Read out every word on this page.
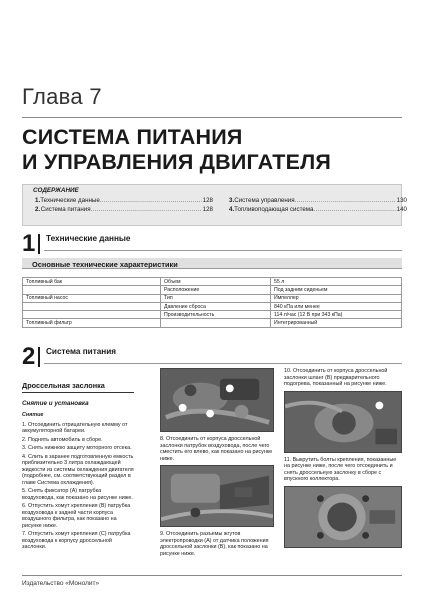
Глава 7
СИСТЕМА ПИТАНИЯ
И УПРАВЛЕНИЯ ДВИГАТЕЛЯ
СОДЕРЖАНИЕ
1. Технические данные .....	128
2. Система питания .....	128
3. Система управления .....	130
4. Топливоподающая система .....	140
1 Технические данные
Основные технические характеристики
Топливный бак	Объем	55 л
	Расположение	Под задним сиденьем
Топливный насос	Тип	Импеллер
	Давление сброса	840 кПа или менее
	Производительность	114 л/час (12 В при 343 кПа)
Топливный фильтр		Интегрированный
2 Система питания
Дроссельная заслонка
Снятие и установка
Снятие
1. Отсоединить отрицательную клемму от аккумуляторной батареи.
2. Поднять автомобиль в сборе.
3. Снять нижнюю защиту моторного отсека.
4. Слить в заранее подготовленную емкость приблизительно 3 литра охлаждающей жидкости из системы охлаждения двигателя (подробнее, см. соответствующий раздел в главе Система охлаждения).
5. Снять фиксатор (А) патрубка воздуховода, как показано на рисунке ниже.
6. Отпустить хомут крепления (В) патрубка воздуховода к задней части корпуса воздушного фильтра, как показано на рисунке ниже.
7. Отпустить хомут крепления (С) патрубка воздуховода к корпусу дроссельной заслонки.
8. Отсоединить от корпуса дроссельной заслонки патрубок воздуховода, после чего сместить его влево, как показано на рисунке ниже.
9. Отсоединить разъемы жгутов электропроводки (А) от датчика положения дроссельной заслонки (В), как показано на рисунке ниже.
10. Отсоединить от корпуса дроссельной заслонки шланг (В) предварительного подогрева, показанный на рисунке ниже.
11. Выкрутить болты крепления, показанные на рисунке ниже, после чего отсоединить и снять дроссельную заслонку в сборе с впускного коллектора.
Издательство «Монолит»
